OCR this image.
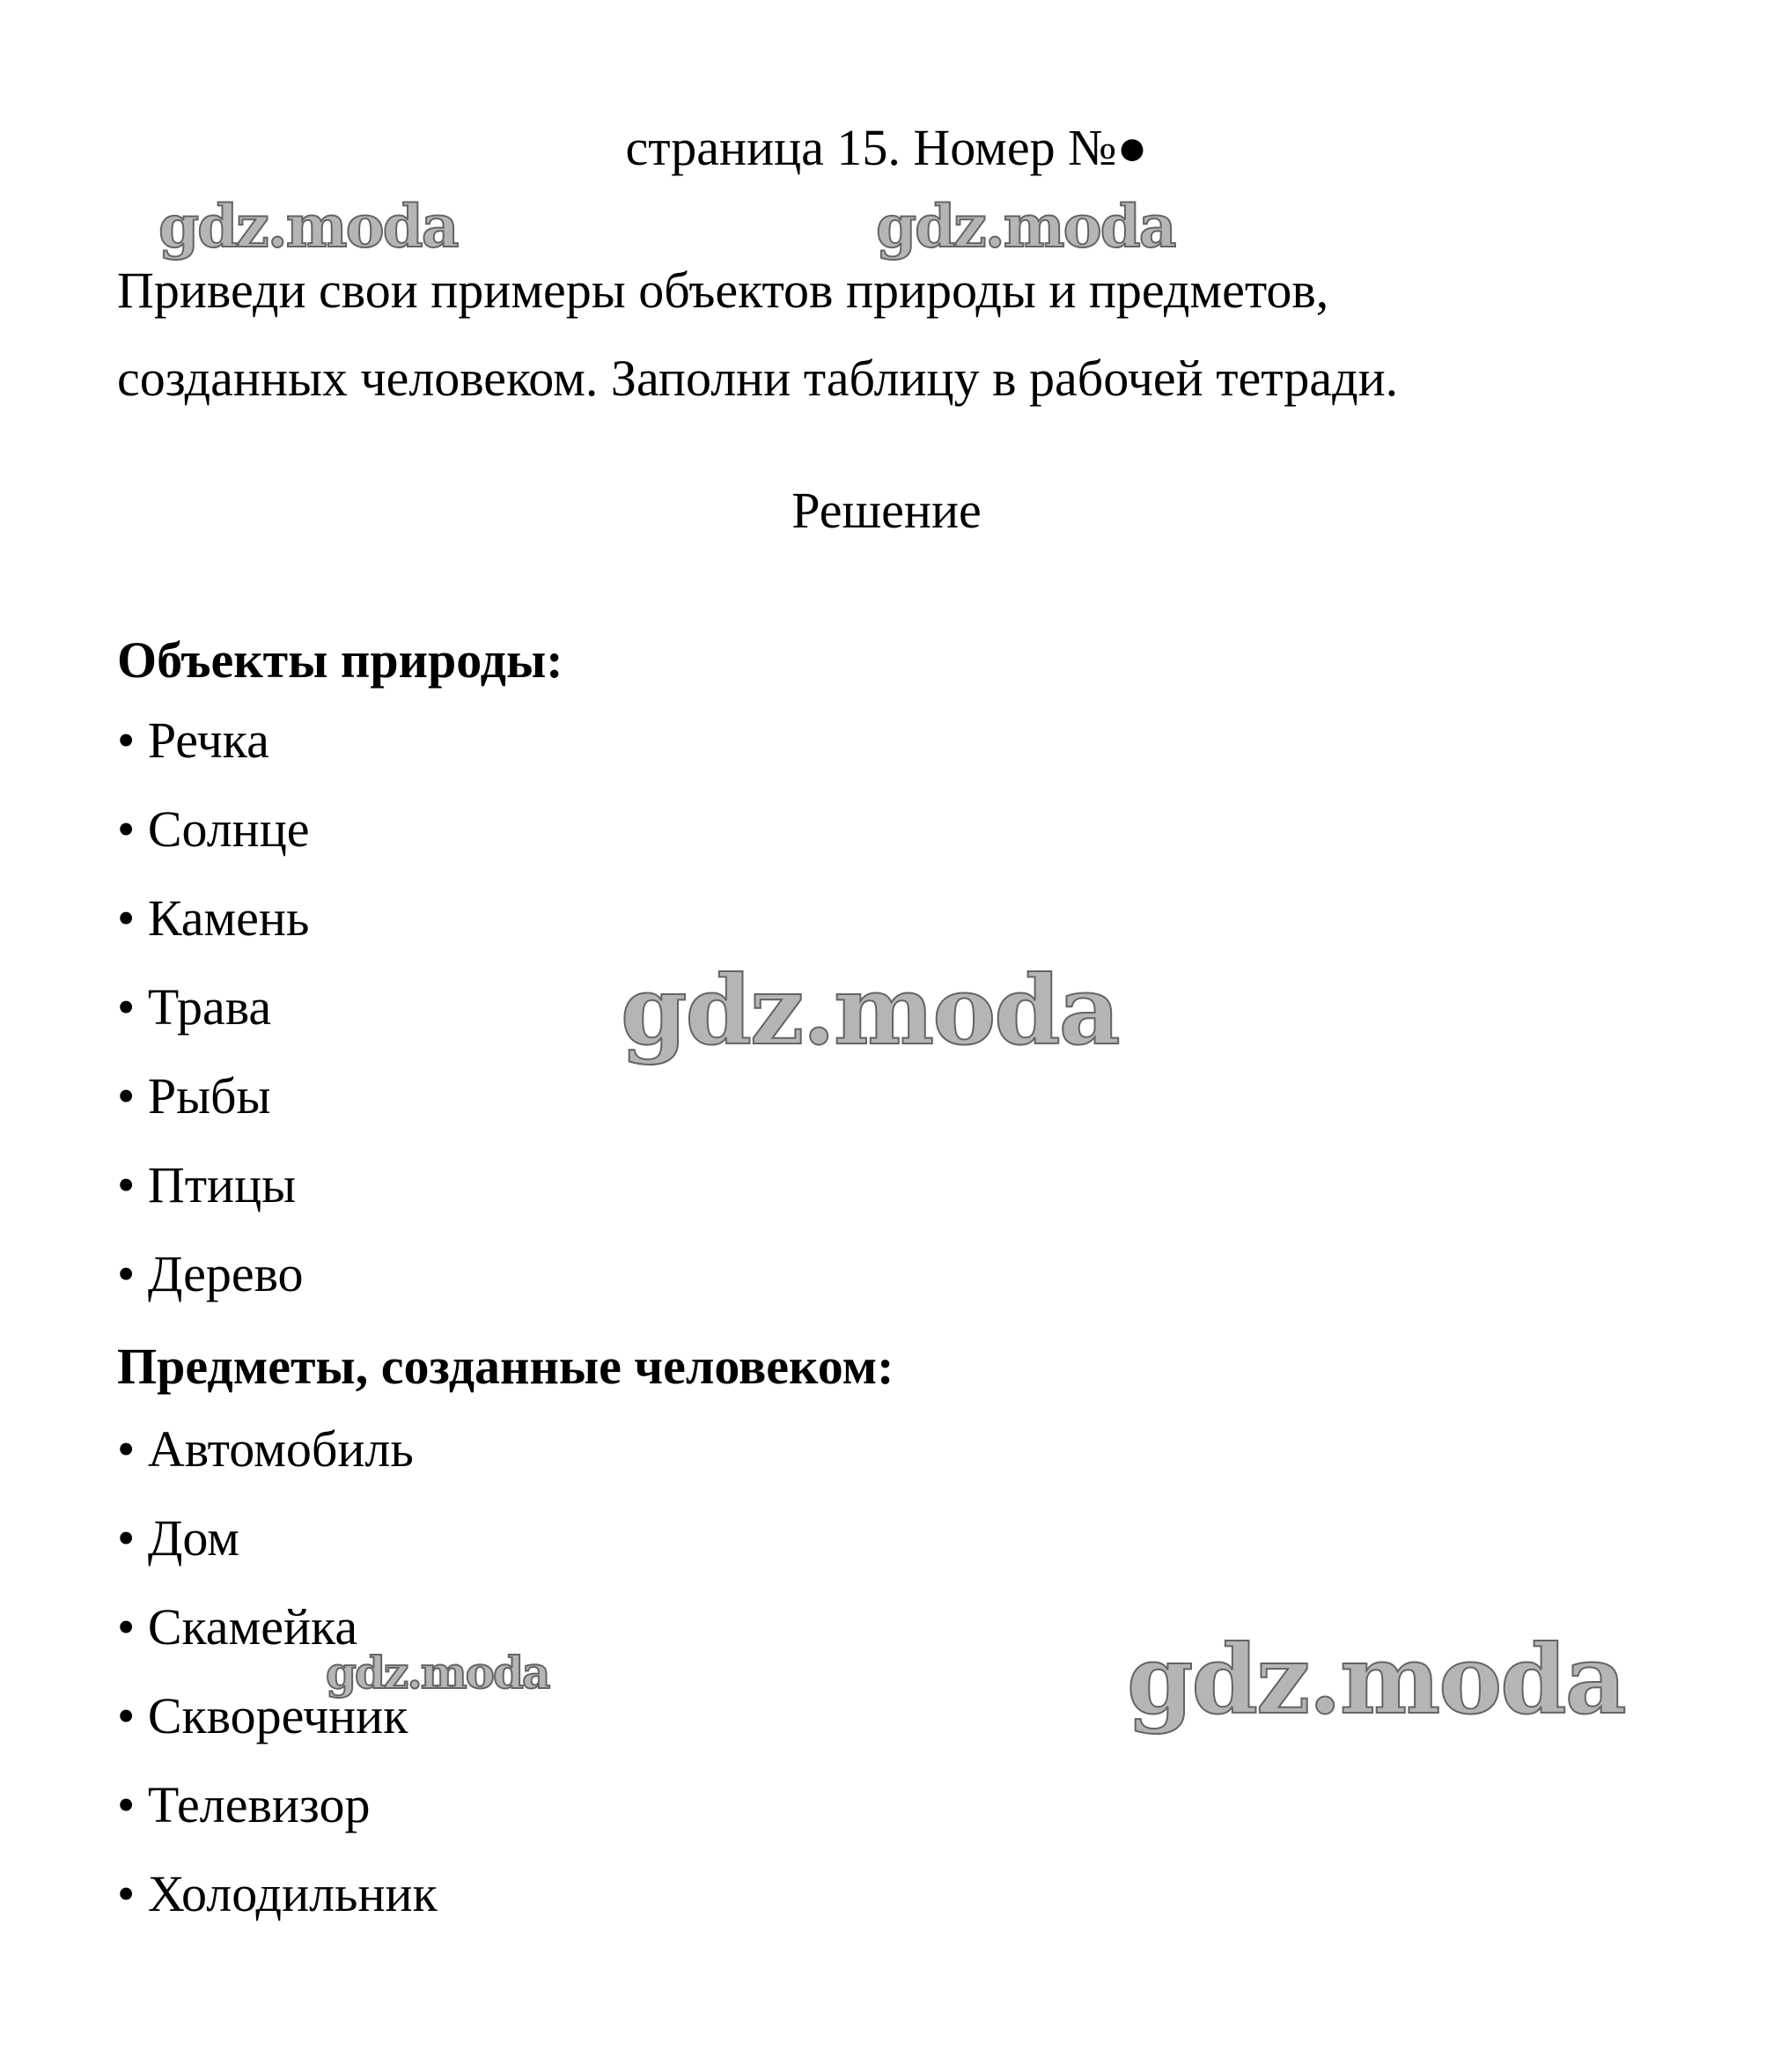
страница 15. Номер №●
Приведи свои примеры объектов природы и предметов,
созданных человеком. Заполни таблицу в рабочей тетради.
Решение
Объекты природы:
• Речка
• Солнце
• Камень
• Трава
• Рыбы
• Птицы
• Дерево
Предметы, созданные человеком:
• Автомобиль
• Дом
• Скамейка
• Скворечник
• Телевизор
• Холодильник
gdz.moda	gdz.moda
gdz.moda
gdz.moda	gdz.moda
